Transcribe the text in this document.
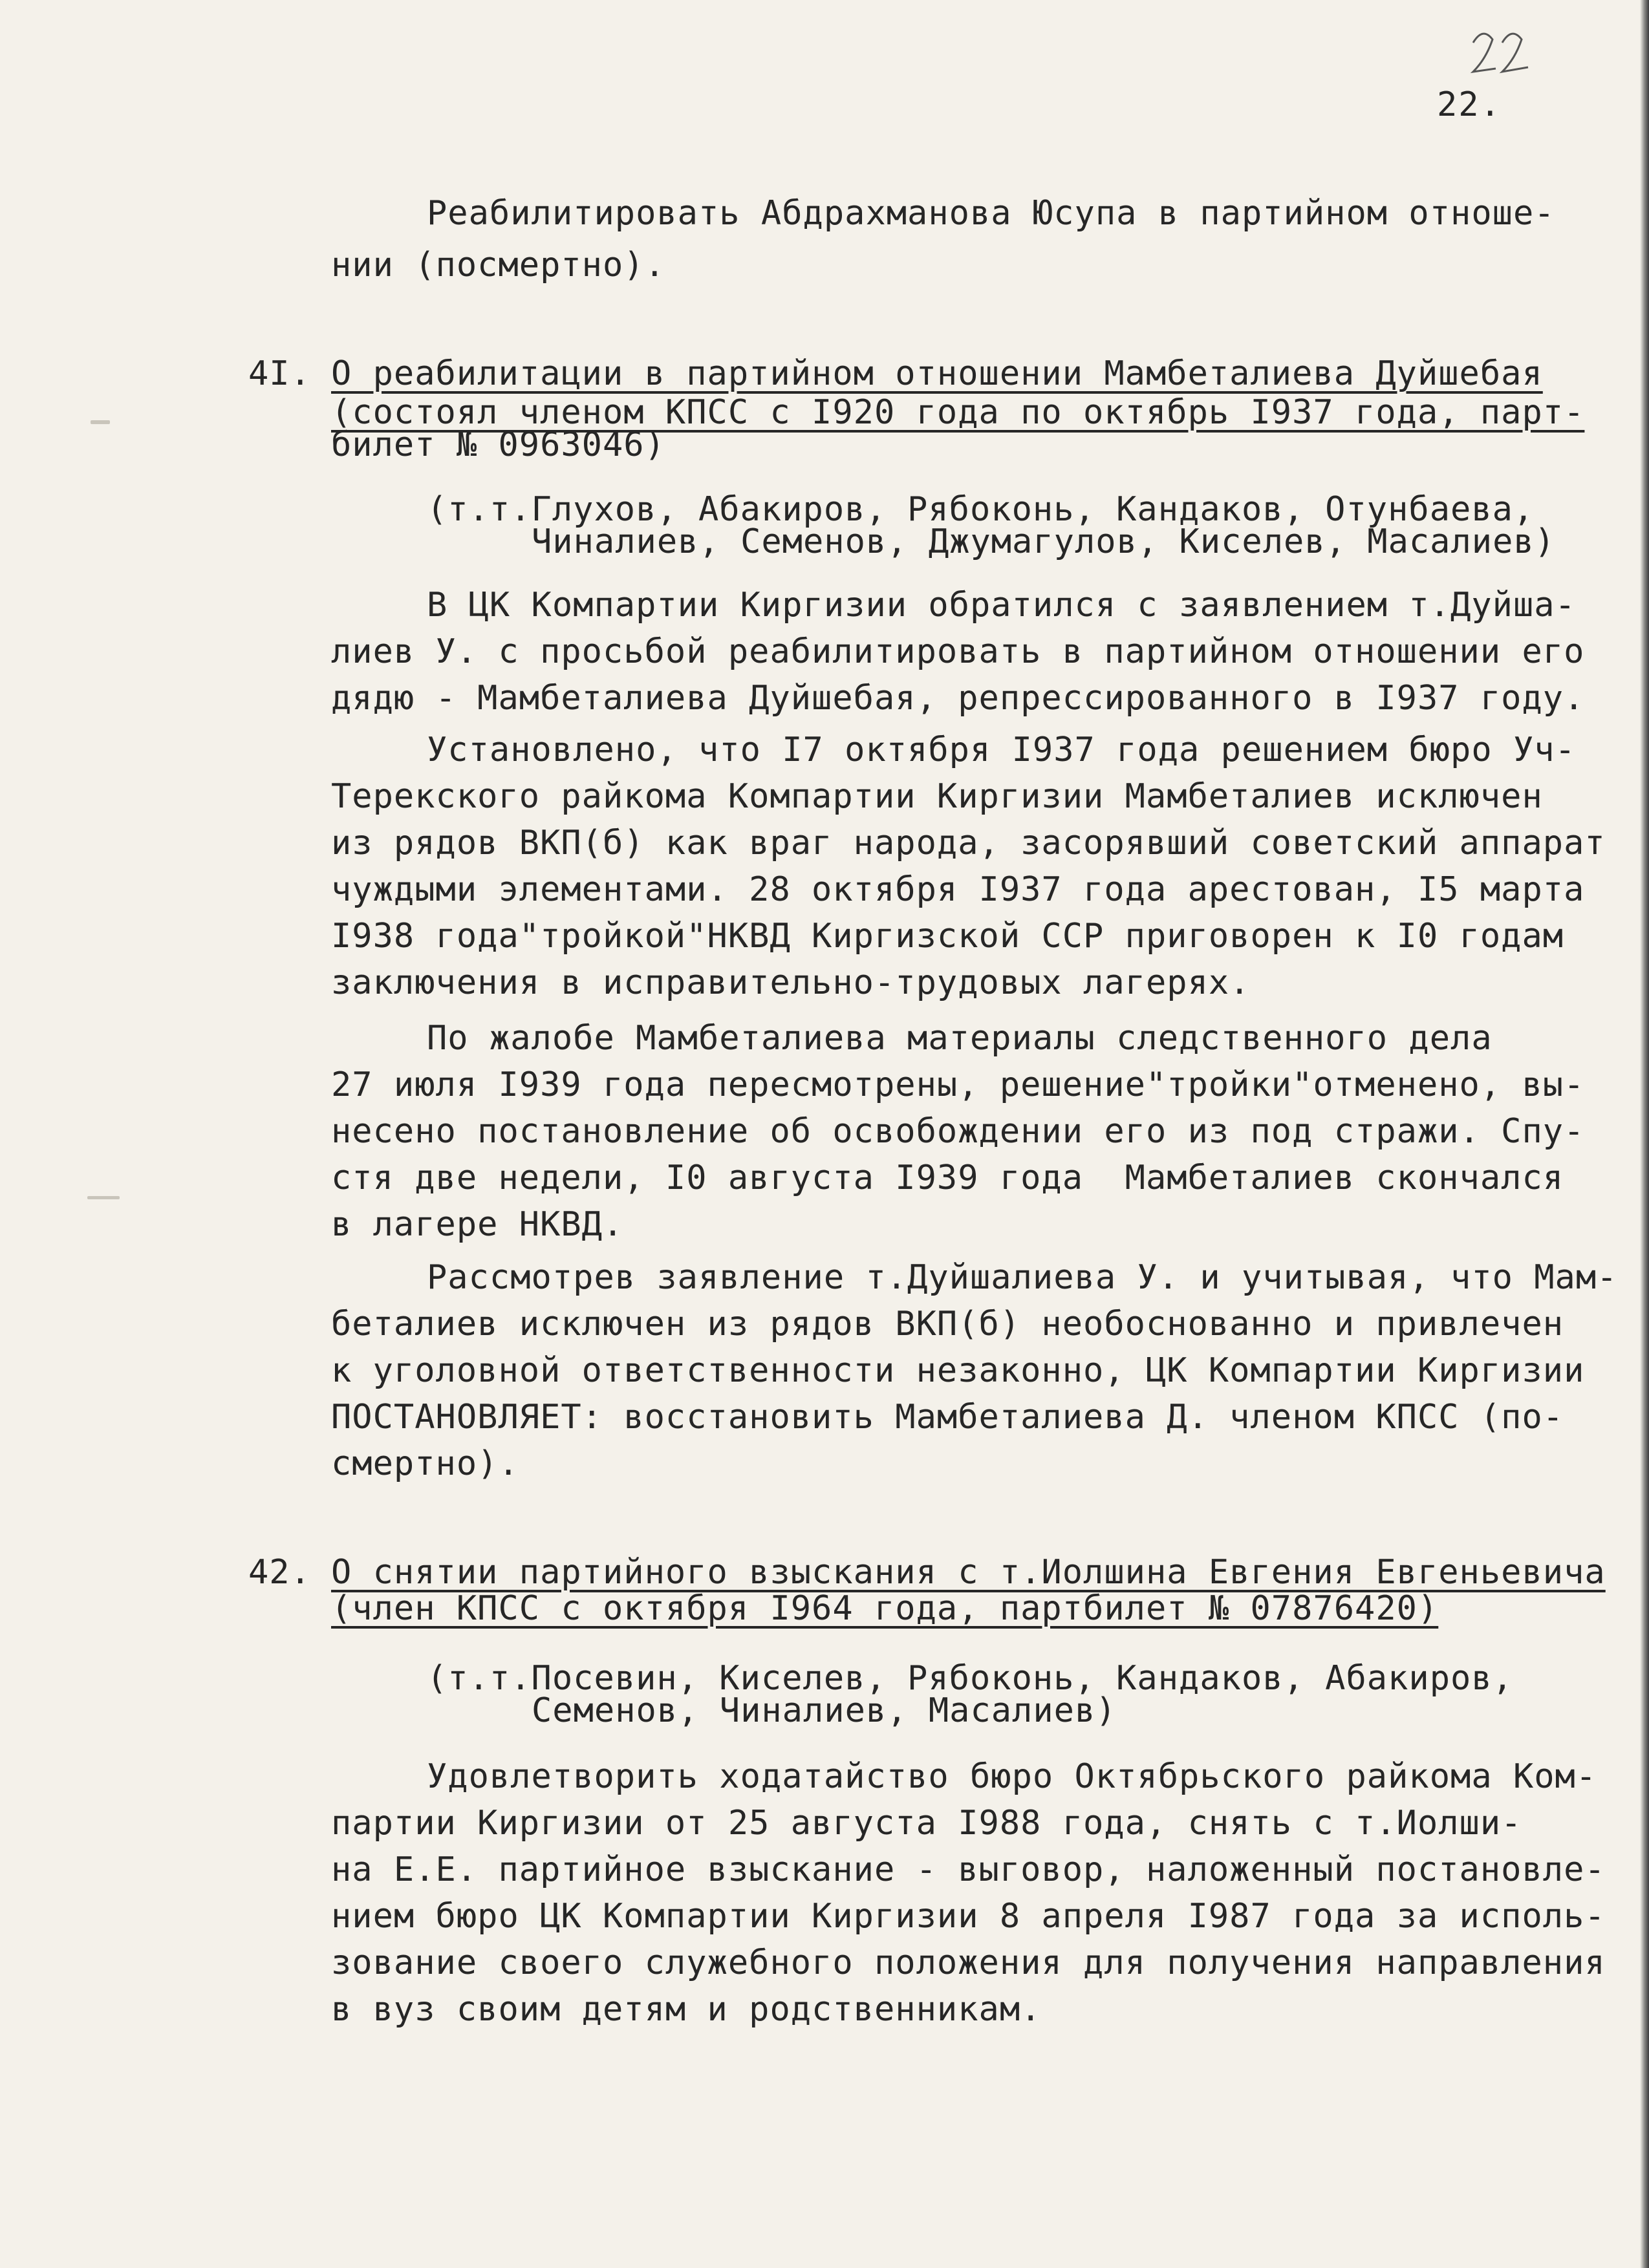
22.
Реабилитировать Абдрахманова Юсупа в партийном отноше-
нии (посмертно).
4I. О реабилитации в партийном отношении Мамбеталиева Дуйшебая
(состоял членом КПСС с I920 года по октябрь I937 года, парт-
билет № 0963046)
(т.т.Глухов, Абакиров, Рябоконь, Кандаков, Отунбаева,
Чиналиев, Семенов, Джумагулов, Киселев, Масалиев)
В ЦК Компартии Киргизии обратился с заявлением т.Дуйша-
лиев У. с просьбой реабилитировать в партийном отношении его
дядю - Мамбеталиева Дуйшебая, репрессированного в I937 году.
Установлено, что I7 октября I937 года решением бюро Уч-
Терекского райкома Компартии Киргизии Мамбеталиев исключен
из рядов ВКП(б) как враг народа, засорявший советский аппарат
чуждыми элементами. 28 октября I937 года арестован, I5 марта
I938 года"тройкой"НКВД Киргизской ССР приговорен к I0 годам
заключения в исправительно-трудовых лагерях.
По жалобе Мамбеталиева материалы следственного дела
27 июля I939 года пересмотрены, решение"тройки"отменено, вы-
несено постановление об освобождении его из под стражи. Спу-
стя две недели, I0 августа I939 года  Мамбеталиев скончался
в лагере НКВД.
Рассмотрев заявление т.Дуйшалиева У. и учитывая, что Мам-
беталиев исключен из рядов ВКП(б) необоснованно и привлечен
к уголовной ответственности незаконно, ЦК Компартии Киргизии
ПОСТАНОВЛЯЕТ: восстановить Мамбеталиева Д. членом КПСС (по-
смертно).
42. О снятии партийного взыскания с т.Иолшина Евгения Евгеньевича
(член КПСС с октября I964 года, партбилет № 07876420)
(т.т.Посевин, Киселев, Рябоконь, Кандаков, Абакиров,
Семенов, Чиналиев, Масалиев)
Удовлетворить ходатайство бюро Октябрьского райкома Ком-
партии Киргизии от 25 августа I988 года, снять с т.Иолши-
на Е.Е. партийное взыскание - выговор, наложенный постановле-
нием бюро ЦК Компартии Киргизии 8 апреля I987 года за исполь-
зование своего служебного положения для получения направления
в вуз своим детям и родственникам.
